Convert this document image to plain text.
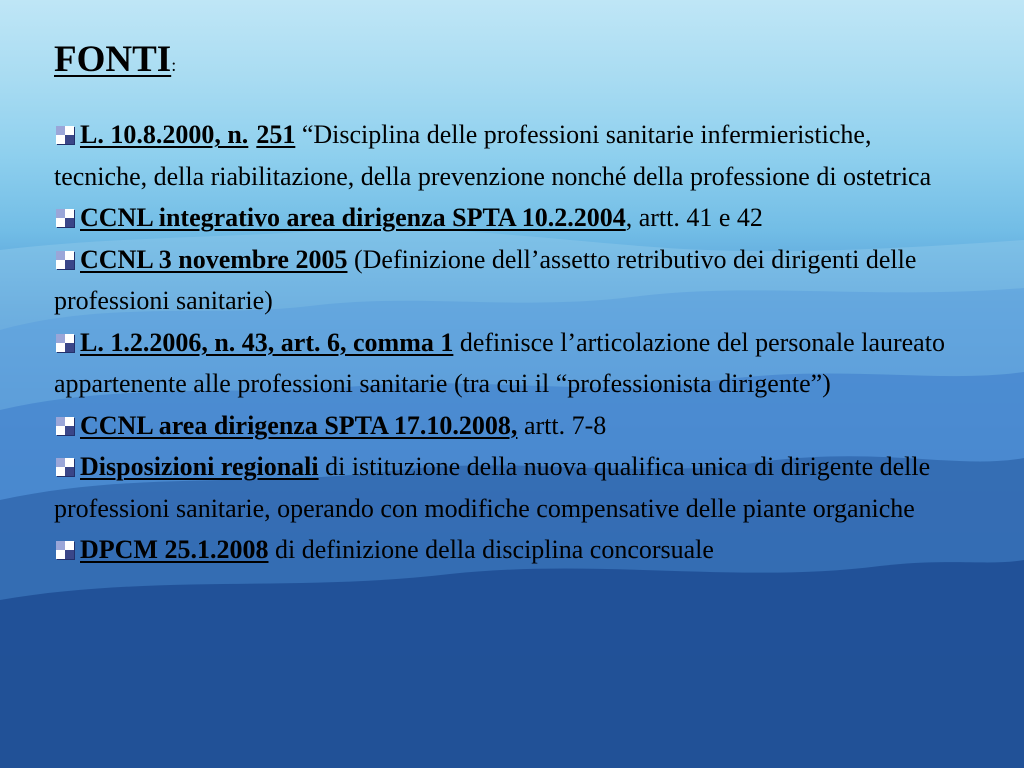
FONTI:

L. 10.8.2000, n. 251 “Disciplina delle professioni sanitarie infermieristiche, tecniche, della riabilitazione, della prevenzione nonché della professione di ostetrica

CCNL integrativo area dirigenza SPTA 10.2.2004, artt. 41 e 42

CCNL 3 novembre 2005 (Definizione dell’assetto retributivo dei dirigenti delle professioni sanitarie)

L. 1.2.2006, n. 43, art. 6, comma 1 definisce l’articolazione del personale laureato appartenente alle professioni sanitarie (tra cui il “professionista dirigente”)

CCNL area dirigenza SPTA 17.10.2008, artt. 7-8

Disposizioni regionali di istituzione della nuova qualifica unica di dirigente delle professioni sanitarie, operando con modifiche compensative delle piante organiche

DPCM 25.1.2008 di definizione della disciplina concorsuale
